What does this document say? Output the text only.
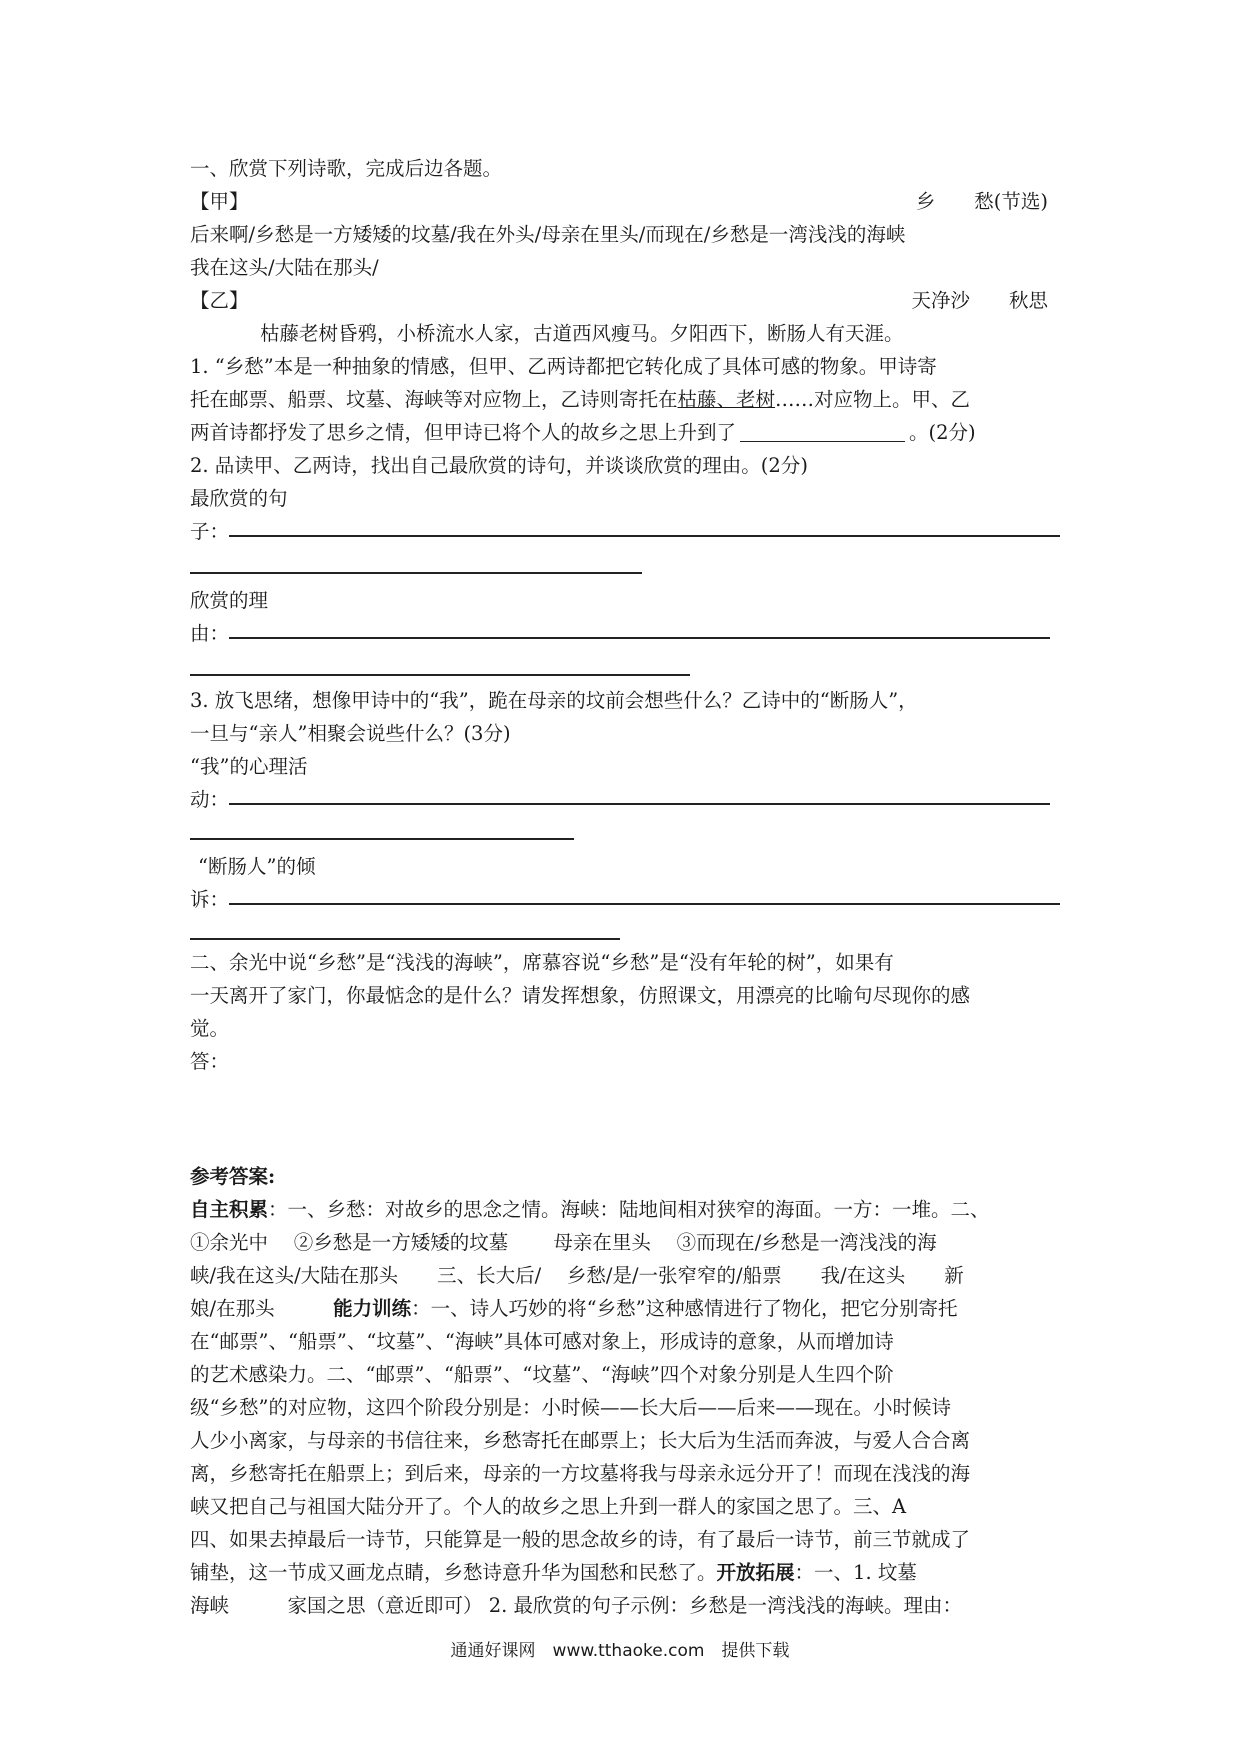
一、欣赏下列诗歌，完成后边各题。
【甲】	乡　　愁(节选)
后来啊/乡愁是一方矮矮的坟墓/我在外头/母亲在里头/而现在/乡愁是一湾浅浅的海峡
我在这头/大陆在那头/
【乙】	天净沙　　秋思
枯藤老树昏鸦，小桥流水人家，古道西风瘦马。夕阳西下，断肠人有天涯。
1. “乡愁”本是一种抽象的情感，但甲、乙两诗都把它转化成了具体可感的物象。甲诗寄
托在邮票、船票、坟墓、海峡等对应物上，乙诗则寄托在枯藤、老树……对应物上。甲、乙
两首诗都抒发了思乡之情，但甲诗已将个人的故乡之思上升到了	。(2分)
2. 品读甲、乙两诗，找出自己最欣赏的诗句，并谈谈欣赏的理由。(2分)
最欣赏的句
子：
欣赏的理
由：
3. 放飞思绪，想像甲诗中的“我”，跪在母亲的坟前会想些什么？乙诗中的“断肠人”，
一旦与“亲人”相聚会说些什么？(3分)
“我”的心理活
动：
“断肠人”的倾
诉：
二、余光中说“乡愁”是“浅浅的海峡”，席慕容说“乡愁”是“没有年轮的树”，如果有
一天离开了家门，你最惦念的是什么？请发挥想象，仿照课文，用漂亮的比喻句尽现你的感
觉。
答：
参考答案:
自主积累：一、乡愁：对故乡的思念之情。海峡：陆地间相对狭窄的海面。一方：一堆。二、
①余光中　 ②乡愁是一方矮矮的坟墓　　 母亲在里头　 ③而现在/乡愁是一湾浅浅的海
峡/我在这头/大陆在那头　　三、长大后/　 乡愁/是/一张窄窄的/船票　　我/在这头　　新
娘/在那头　　　能力训练：一、诗人巧妙的将“乡愁”这种感情进行了物化，把它分别寄托
在“邮票”、“船票”、“坟墓”、“海峡”具体可感对象上，形成诗的意象，从而增加诗
的艺术感染力。二、“邮票”、“船票”、“坟墓”、“海峡”四个对象分别是人生四个阶
级“乡愁”的对应物，这四个阶段分别是：小时候——长大后——后来——现在。小时候诗
人少小离家，与母亲的书信往来，乡愁寄托在邮票上；长大后为生活而奔波，与爱人合合离
离，乡愁寄托在船票上；到后来，母亲的一方坟墓将我与母亲永远分开了！而现在浅浅的海
峡又把自己与祖国大陆分开了。个人的故乡之思上升到一群人的家国之思了。三、A
四、如果去掉最后一诗节，只能算是一般的思念故乡的诗，有了最后一诗节，前三节就成了
铺垫，这一节成又画龙点睛，乡愁诗意升华为国愁和民愁了。开放拓展：一、1. 坟墓
海峡　　　家国之思（意近即可） 2. 最欣赏的句子示例：乡愁是一湾浅浅的海峡。理由：
通通好课网　www.tthaoke.com　提供下载
